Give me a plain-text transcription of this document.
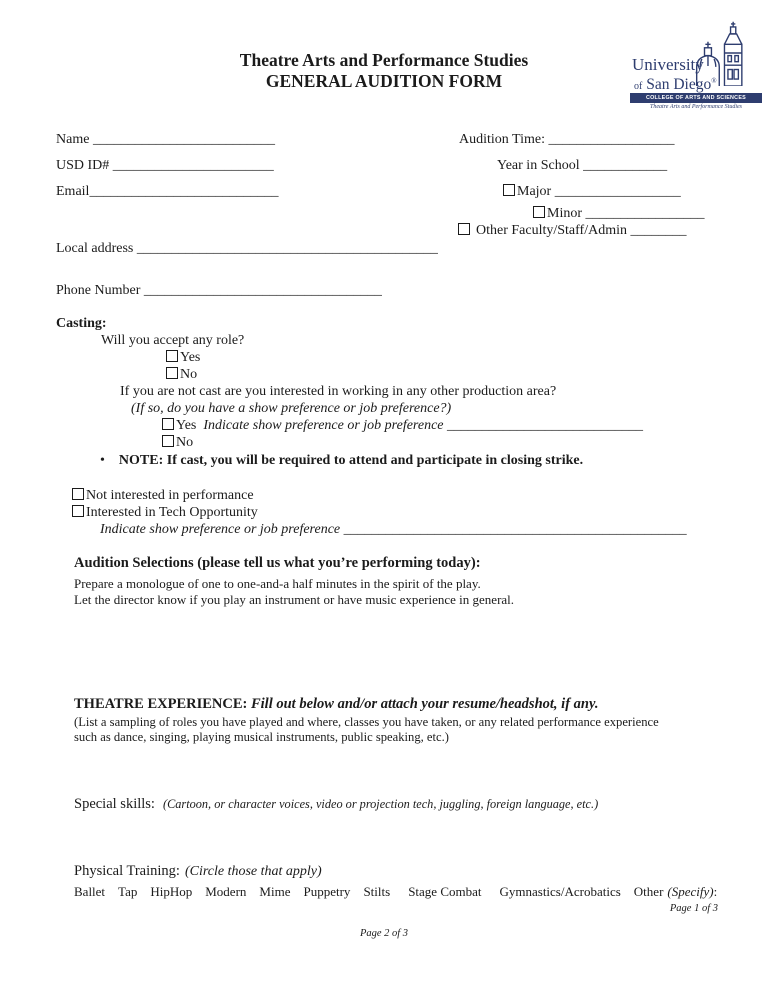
Theatre Arts and Performance Studies
GENERAL AUDITION FORM
University
of San Diego®
COLLEGE OF ARTS AND SCIENCES
Theatre Arts and Performance Studies
Name __________________________	Audition Time: __________________
USD ID# _______________________	Year in School ____________
Email___________________________	Major __________________
Minor _________________
Other Faculty/Staff/Admin ________
Local address ___________________________________________
Phone Number __________________________________
Casting:
Will you accept any role?
Yes
No
If you are not cast are you interested in working in any other production area?
(If so, do you have a show preference or job preference?)
Yes Indicate show preference or job preference ____________________________
No
• NOTE: If cast, you will be required to attend and participate in closing strike.
Not interested in performance
Interested in Tech Opportunity
Indicate show preference or job preference _________________________________________________
Audition Selections (please tell us what you’re performing today):
Prepare a monologue of one to one-and-a half minutes in the spirit of the play.
Let the director know if you play an instrument or have music experience in general.
THEATRE EXPERIENCE: Fill out below and/or attach your resume/headshot, if any.
(List a sampling of roles you have played and where, classes you have taken, or any related performance experience
such as dance, singing, playing musical instruments, public speaking, etc.)
Special skills: (Cartoon, or character voices, video or projection tech, juggling, foreign language, etc.)
Physical Training: (Circle those that apply)
Ballet Tap HipHop Modern Mime Puppetry Stilts Stage Combat Gymnastics/Acrobatics Other (Specify):
Page 1 of 3
Page 2 of 3
